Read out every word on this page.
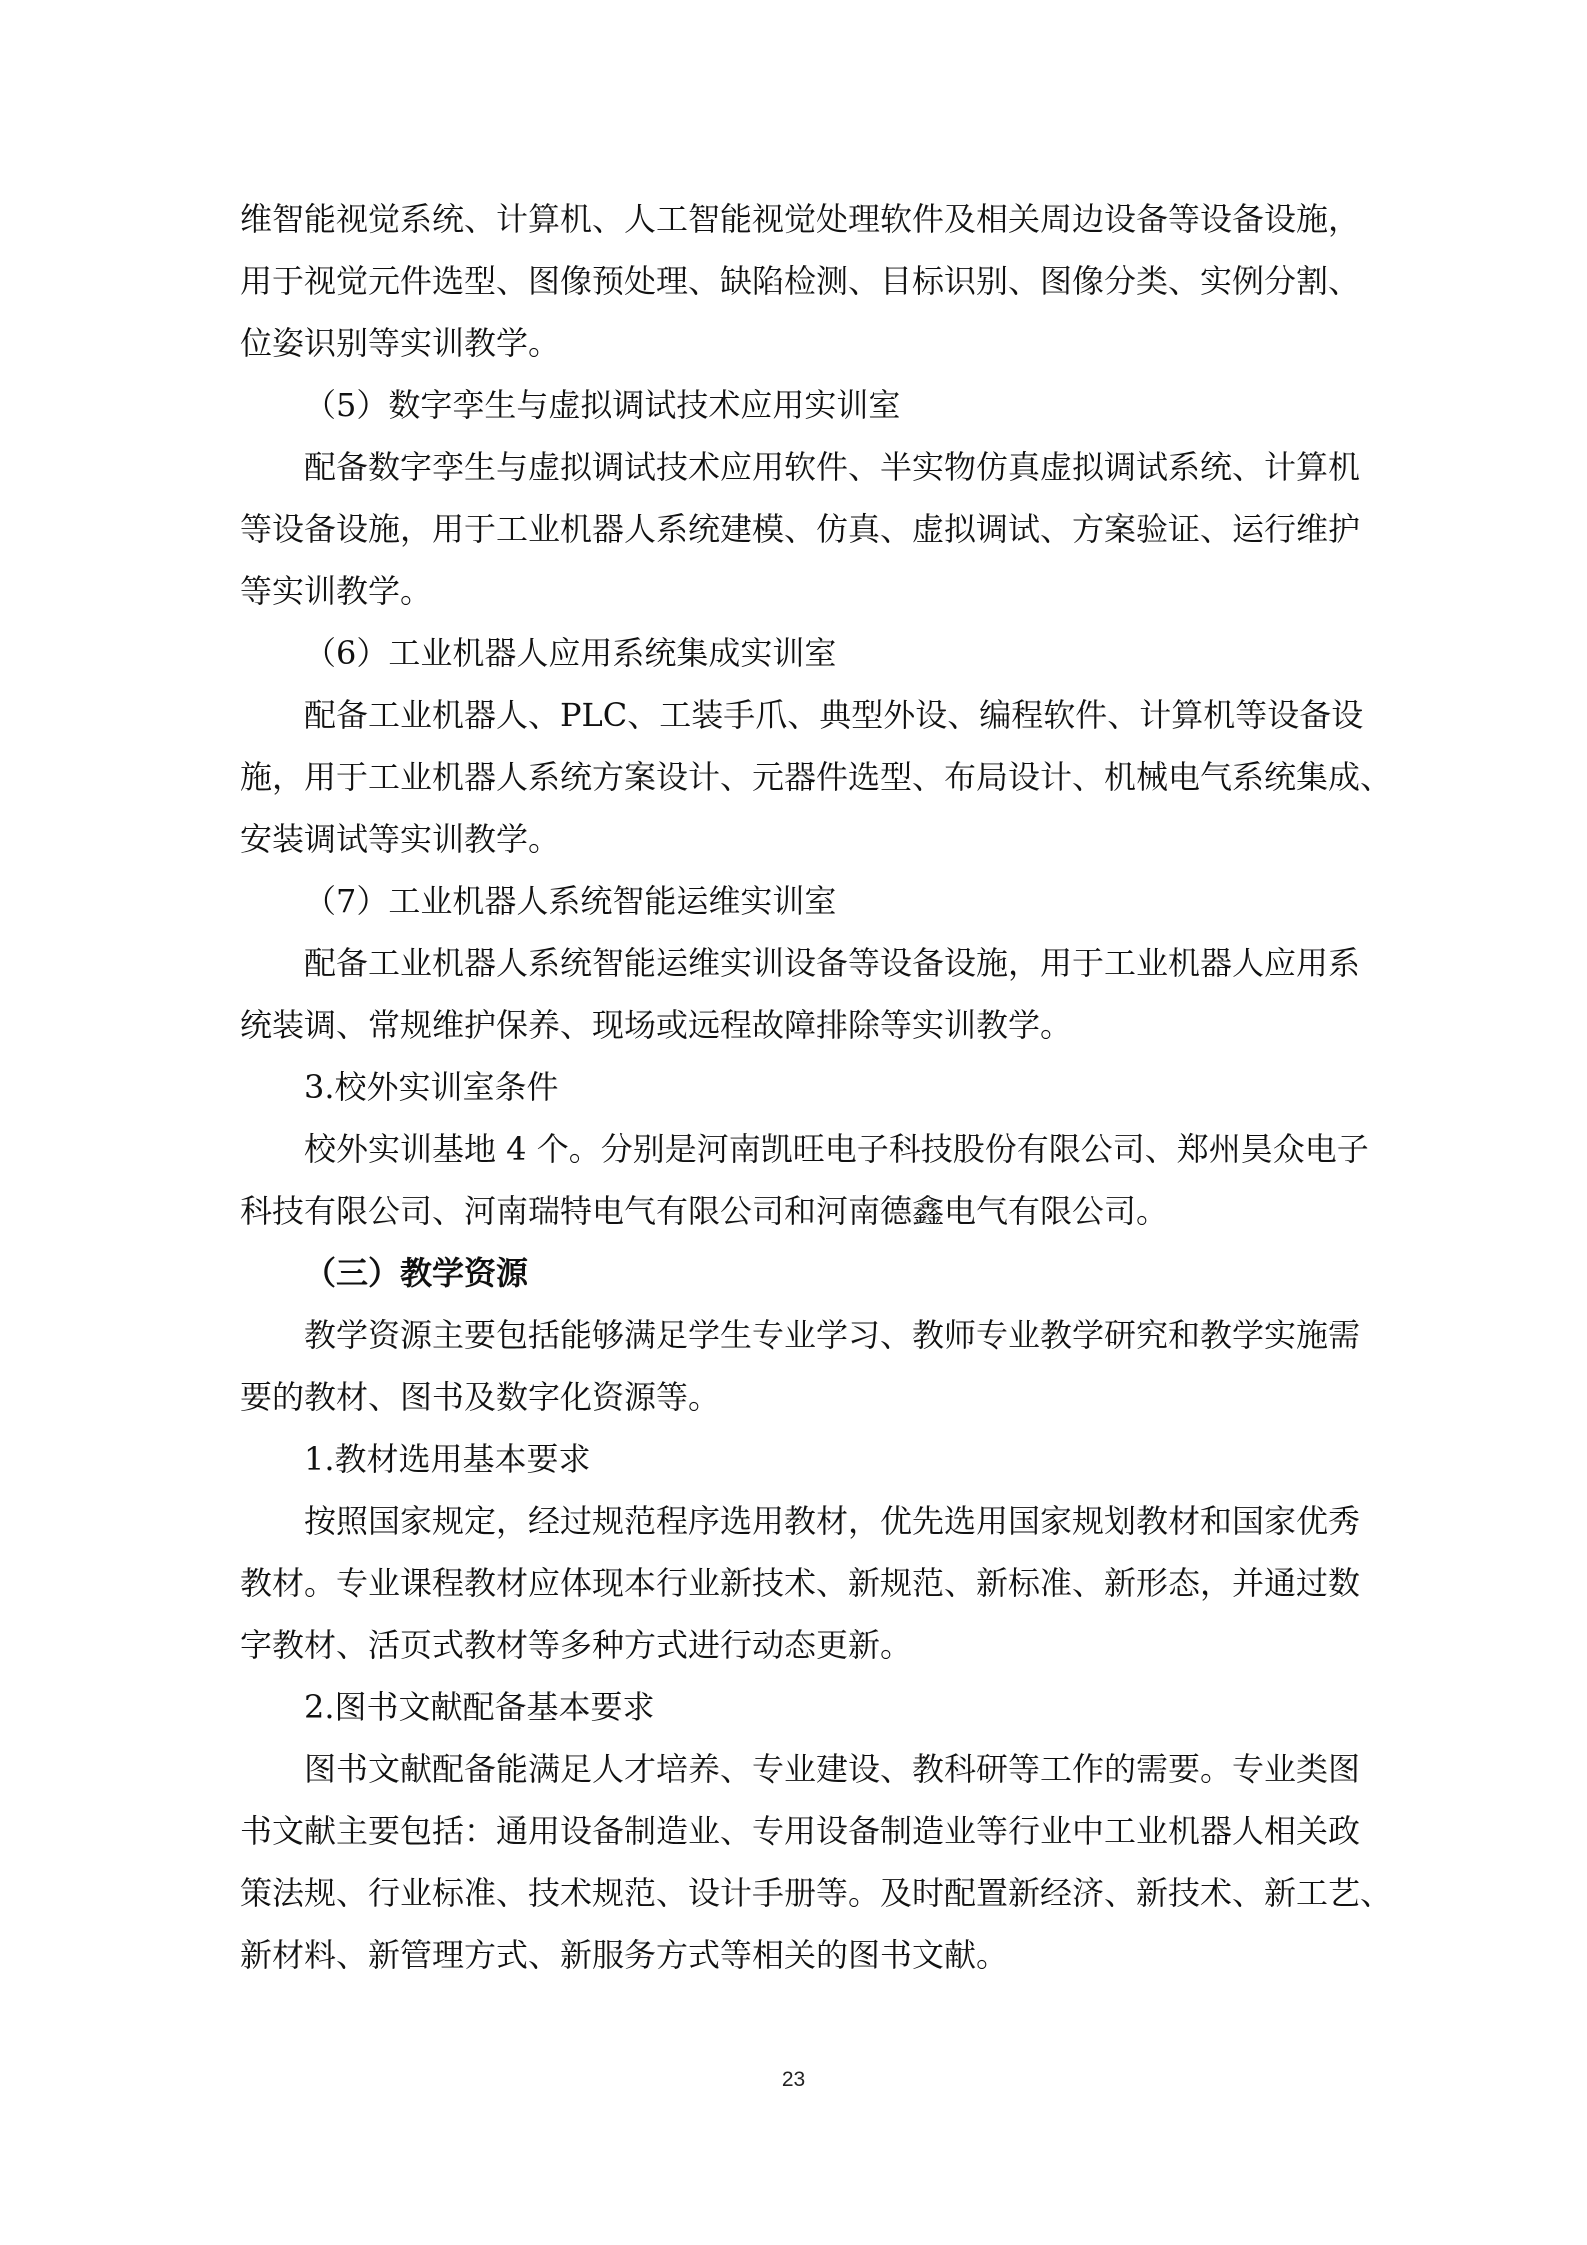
维智能视觉系统、计算机、人工智能视觉处理软件及相关周边设备等设备设施，
用于视觉元件选型、图像预处理、缺陷检测、目标识别、图像分类、实例分割、
位姿识别等实训教学。
（5）数字孪生与虚拟调试技术应用实训室
配备数字孪生与虚拟调试技术应用软件、半实物仿真虚拟调试系统、计算机
等设备设施，用于工业机器人系统建模、仿真、虚拟调试、方案验证、运行维护
等实训教学。
（6）工业机器人应用系统集成实训室
配备工业机器人、PLC、工装手爪、典型外设、编程软件、计算机等设备设
施，用于工业机器人系统方案设计、元器件选型、布局设计、机械电气系统集成、
安装调试等实训教学。
（7）工业机器人系统智能运维实训室
配备工业机器人系统智能运维实训设备等设备设施，用于工业机器人应用系
统装调、常规维护保养、现场或远程故障排除等实训教学。
3.校外实训室条件
校外实训基地 4 个。分别是河南凯旺电子科技股份有限公司、郑州昊众电子
科技有限公司、河南瑞特电气有限公司和河南德鑫电气有限公司。
（三）教学资源
教学资源主要包括能够满足学生专业学习、教师专业教学研究和教学实施需
要的教材、图书及数字化资源等。
1.教材选用基本要求
按照国家规定，经过规范程序选用教材，优先选用国家规划教材和国家优秀
教材。专业课程教材应体现本行业新技术、新规范、新标准、新形态，并通过数
字教材、活页式教材等多种方式进行动态更新。
2.图书文献配备基本要求
图书文献配备能满足人才培养、专业建设、教科研等工作的需要。专业类图
书文献主要包括：通用设备制造业、专用设备制造业等行业中工业机器人相关政
策法规、行业标准、技术规范、设计手册等。及时配置新经济、新技术、新工艺、
新材料、新管理方式、新服务方式等相关的图书文献。
23
